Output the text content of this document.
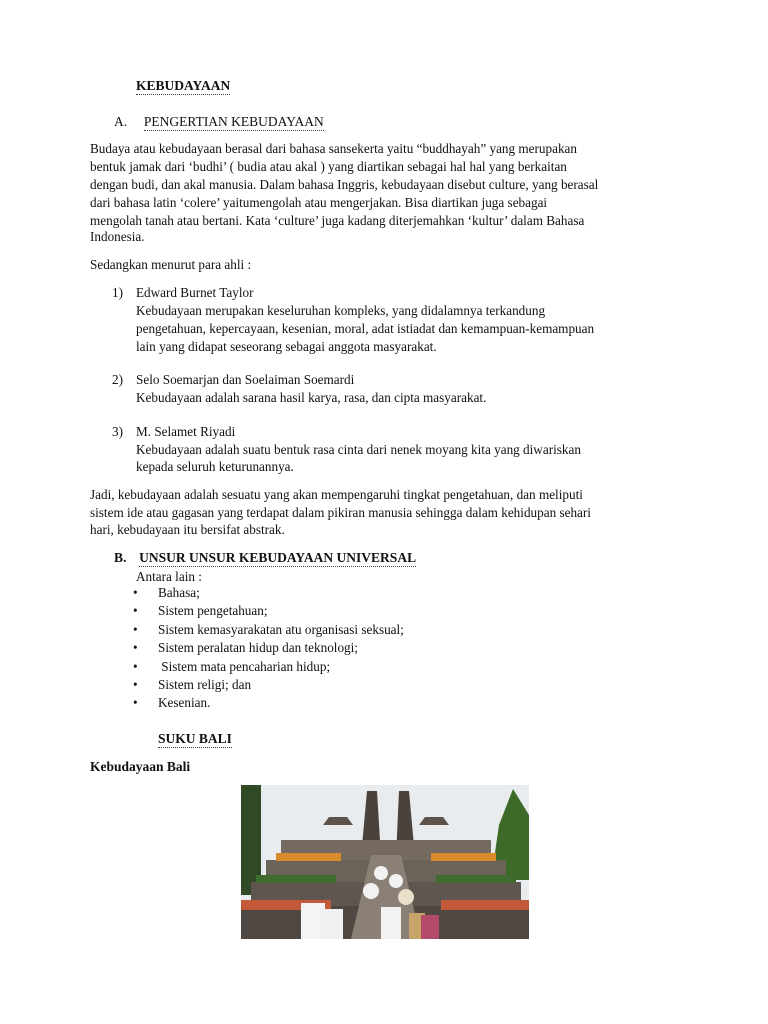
KEBUDAYAAN
A. PENGERTIAN KEBUDAYAAN

Budaya atau kebudayaan berasal dari bahasa sansekerta yaitu “buddhayah” yang merupakan

bentuk jamak dari ‘budhi’ ( budia atau akal ) yang diartikan sebagai hal hal yang berkaitan

dengan budi, dan akal manusia. Dalam bahasa Inggris, kebudayaan disebut culture, yang berasal

dari bahasa latin ‘colere’ yaitumengolah atau mengerjakan. Bisa diartikan juga sebagai

mengolah tanah atau bertani. Kata ‘culture’ juga kadang diterjemahkan ‘kultur’ dalam Bahasa

Indonesia.

Sedangkan menurut para ahli :

1) Edward Burnet Taylor

Kebudayaan merupakan keseluruhan kompleks, yang didalamnya terkandung

pengetahuan, kepercayaan, kesenian, moral, adat istiadat dan kemampuan-kemampuan

lain yang didapat seseorang sebagai anggota masyarakat.

2) Selo Soemarjan dan Soelaiman Soemardi

Kebudayaan adalah sarana hasil karya, rasa, dan cipta masyarakat.

3) M. Selamet Riyadi

Kebudayaan adalah suatu bentuk rasa cinta dari nenek moyang kita yang diwariskan

kepada seluruh keturunannya.

Jadi, kebudayaan adalah sesuatu yang akan mempengaruhi tingkat pengetahuan, dan meliputi

sistem ide atau gagasan yang terdapat dalam pikiran manusia sehingga dalam kehidupan sehari

hari, kebudayaan itu bersifat abstrak.

B. UNSUR UNSUR KEBUDAYAAN UNIVERSAL
Antara lain :
• Bahasa;
• Sistem pengetahuan;
• Sistem kemasyarakatan atu organisasi seksual;
• Sistem peralatan hidup dan teknologi;
• Sistem mata pencaharian hidup;
• Sistem religi; dan
• Kesenian.
SUKU BALI
Kebudayaan Bali
